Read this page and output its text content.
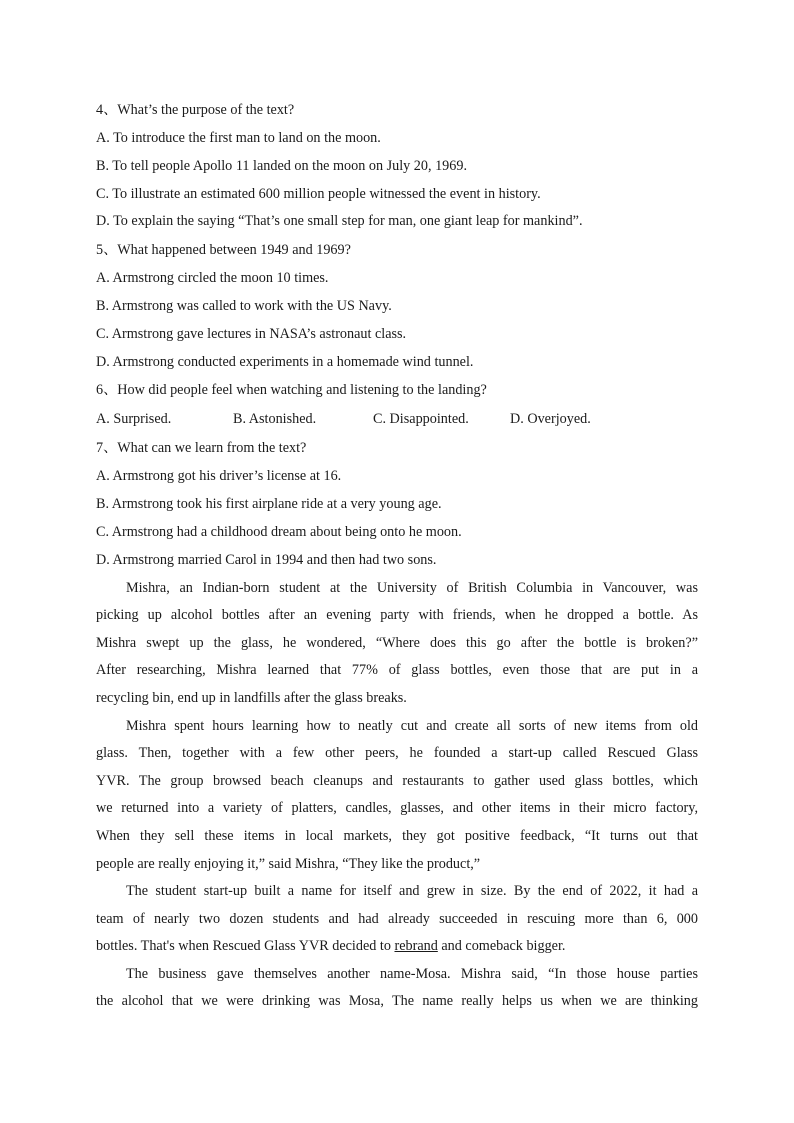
4、What’s the purpose of the text?

A. To introduce the first man to land on the moon.

B. To tell people Apollo 11 landed on the moon on July 20, 1969.

C. To illustrate an estimated 600 million people witnessed the event in history.

D. To explain the saying “That’s one small step for man, one giant leap for mankind”.

5、What happened between 1949 and 1969?

A. Armstrong circled the moon 10 times.

B. Armstrong was called to work with the US Navy.

C. Armstrong gave lectures in NASA’s astronaut class.

D. Armstrong conducted experiments in a homemade wind tunnel.

6、How did people feel when watching and listening to the landing?

A. Surprised.	B. Astonished.	C. Disappointed.	D. Overjoyed.

7、What can we learn from the text?

A. Armstrong got his driver’s license at 16.

B. Armstrong took his first airplane ride at a very young age.

C. Armstrong had a childhood dream about being onto he moon.

D. Armstrong married Carol in 1994 and then had two sons.

Mishra, an Indian-born student at the University of British Columbia in Vancouver, was

picking up alcohol bottles after an evening party with friends, when he dropped a bottle. As

Mishra swept up the glass, he wondered, “Where does this go after the bottle is broken?”

After researching, Mishra learned that 77% of glass bottles, even those that are put in a

recycling bin, end up in landfills after the glass breaks.

Mishra spent hours learning how to neatly cut and create all sorts of new items from old

glass. Then, together with a few other peers, he founded a start-up called Rescued Glass

YVR. The group browsed beach cleanups and restaurants to gather used glass bottles, which

we returned into a variety of platters, candles, glasses, and other items in their micro factory,

When they sell these items in local markets, they got positive feedback, “It turns out that

people are really enjoying it,” said Mishra, “They like the product,”

The student start-up built a name for itself and grew in size. By the end of 2022, it had a

team of nearly two dozen students and had already succeeded in rescuing more than 6, 000

bottles. That's when Rescued Glass YVR decided to rebrand and comeback bigger.

The business gave themselves another name-Mosa. Mishra said, “In those house parties

the alcohol that we were drinking was Mosa, The name really helps us when we are thinking
